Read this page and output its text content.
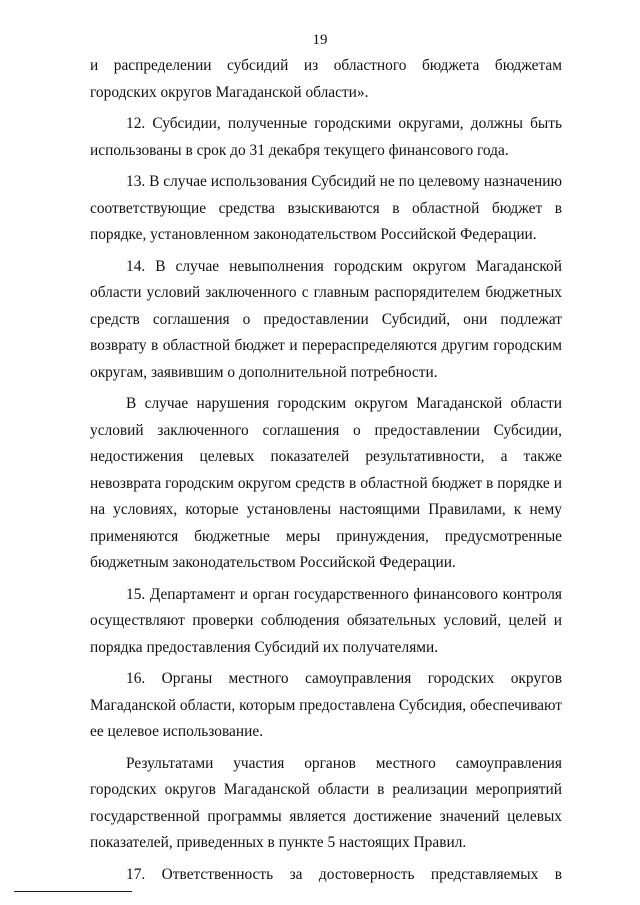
19

и распределении субсидий из областного бюджета бюджетам городских округов Магаданской области».

12. Субсидии, полученные городскими округами, должны быть использованы в срок до 31 декабря текущего финансового года.

13. В случае использования Субсидий не по целевому назначению соответствующие средства взыскиваются в областной бюджет в порядке, установленном законодательством Российской Федерации.

14. В случае невыполнения городским округом Магаданской области условий заключенного с главным распорядителем бюджетных средств соглашения о предоставлении Субсидий, они подлежат возврату в областной бюджет и перераспределяются другим городским округам, заявившим о дополнительной потребности.

В случае нарушения городским округом Магаданской области условий заключенного соглашения о предоставлении Субсидии, недостижения целевых показателей результативности, а также невозврата городским округом средств в областной бюджет в порядке и на условиях, которые установлены настоящими Правилами, к нему применяются бюджетные меры принуждения, предусмотренные бюджетным законодательством Российской Федерации.

15. Департамент и орган государственного финансового контроля осуществляют проверки соблюдения обязательных условий, целей и порядка предоставления Субсидий их получателями.

16. Органы местного самоуправления городских округов Магаданской области, которым предоставлена Субсидия, обеспечивают ее целевое использование.

Результатами участия органов местного самоуправления городских округов Магаданской области в реализации мероприятий государственной программы является достижение значений целевых показателей, приведенных в пункте 5 настоящих Правил.

17. Ответственность за достоверность представляемых в
